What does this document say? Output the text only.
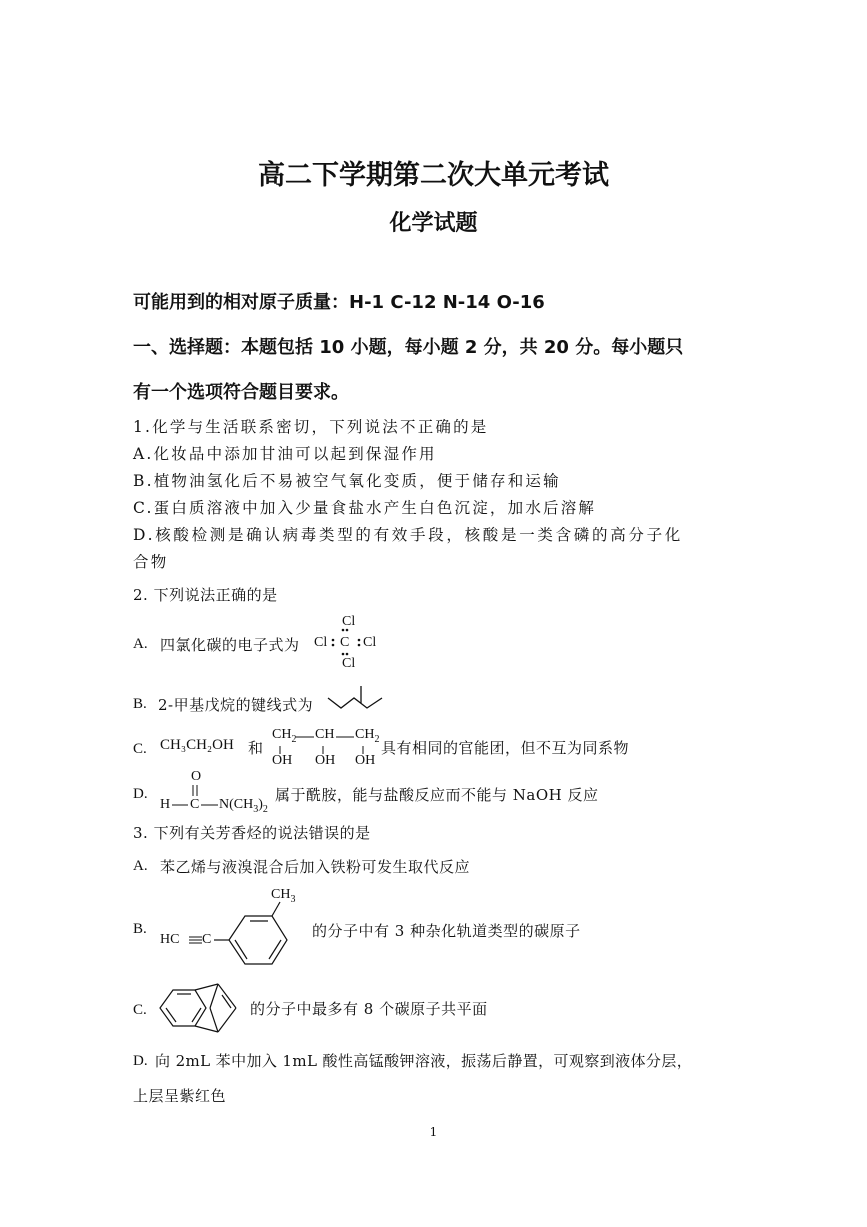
高二下学期第二次大单元考试
化学试题
可能用到的相对原子质量：H-1 C-12 N-14 O-16
一、选择题：本题包括 10 小题，每小题 2 分，共 20 分。每小题只
有一个选项符合题目要求。
1.化学与生活联系密切，下列说法不正确的是
A.化妆品中添加甘油可以起到保湿作用
B.植物油氢化后不易被空气氧化变质，便于储存和运输
C.蛋白质溶液中加入少量食盐水产生白色沉淀，加水后溶解
D.核酸检测是确认病毒类型的有效手段，核酸是一类含磷的高分子化
合物
2. 下列说法正确的是
A. 四氯化碳的电子式为
Cl
Cl C Cl
Cl
B. 2-甲基戊烷的键线式为
C. CH₃CH₂OH 和
$CH_2$ CH $CH_2$
OH OH OH
具有相同的官能团，但不互为同系物
D.
O
H C $N(CH_3)_2$
属于酰胺，能与盐酸反应而不能与 NaOH 反应
3. 下列有关芳香烃的说法错误的是
A. 苯乙烯与液溴混合后加入铁粉可发生取代反应
B.
HC C
$CH_3$
的分子中有 3 种杂化轨道类型的碳原子
C.	的分子中最多有 8 个碳原子共平面
D. 向 2mL 苯中加入 1mL 酸性高锰酸钾溶液，振荡后静置，可观察到液体分层，
上层呈紫红色
1
